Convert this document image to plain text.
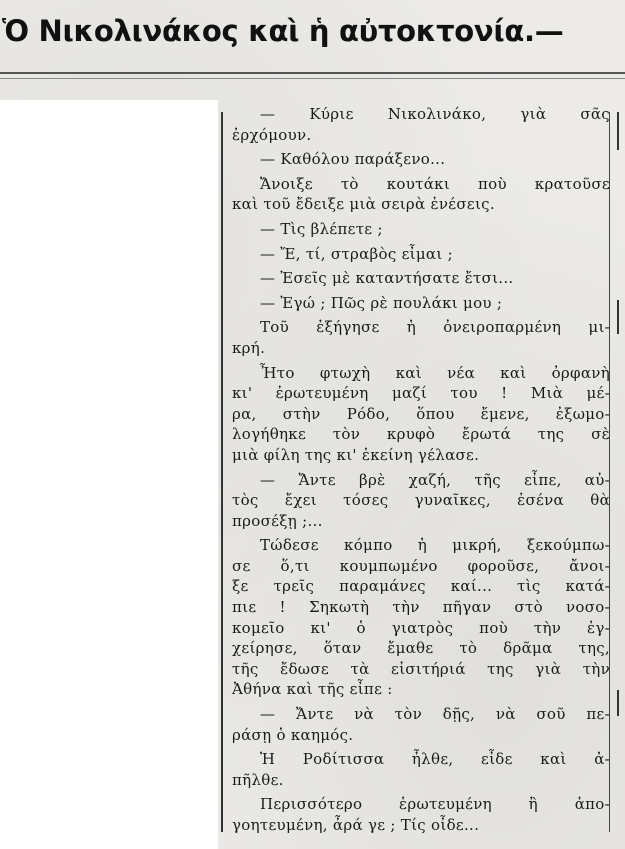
Ὁ Νικολινάκος καὶ ἡ αὐτοκτονία.—
— Κύριε Νικολινάκο, γιὰ σᾶς
ἐρχόμουν.
— Καθόλου παράξενο...
Ἄνοιξε τὸ κουτάκι ποὺ κρατοῦσε
καὶ τοῦ ἔδειξε μιὰ σειρὰ ἐνέσεις.
— Τὶς βλέπετε ;
— Ἔ, τί, στραβὸς εἶμαι ;
— Ἐσεῖς μὲ καταντήσατε ἔτσι...
— Ἐγώ ; Πῶς ρὲ πουλάκι μου ;
Τοῦ ἐξήγησε ἡ ὀνειροπαρμένη μι-
κρή.
Ἦτο φτωχὴ καὶ νέα καὶ ὀρφανὴ
κι' ἐρωτευμένη μαζί του ! Μιὰ μέ-
ρα, στὴν Ρόδο, ὅπου ἔμενε, ἐξωμο-
λογήθηκε τὸν κρυφὸ ἔρωτά της σὲ
μιὰ φίλη της κι' ἐκείνη γέλασε.
— Ἄντε βρὲ χαζή, τῆς εἶπε, αὐ-
τὸς ἔχει τόσες γυναῖκες, ἐσένα θὰ
προσέξῃ ;...
Τώδεσε κόμπο ἡ μικρή, ξεκούμπω-
σε ὅ,τι κουμπωμένο φοροῦσε, ἄνοι-
ξε τρεῖς παραμάνες καί... τὶς κατά-
πιε ! Σηκωτὴ τὴν πῆγαν στὸ νοσο-
κομεῖο κι' ὁ γιατρὸς ποὺ τὴν ἐγ-
χείρησε, ὅταν ἔμαθε τὸ δρᾶμα της,
τῆς ἔδωσε τὰ εἰσιτήριά της γιὰ τὴν
Ἀθήνα καὶ τῆς εἶπε :
— Ἄντε νὰ τὸν δῇς, νὰ σοῦ πε-
ράσῃ ὁ καημός.
Ἡ Ροδίτισσα ἦλθε, εἶδε καὶ ἀ-
πῆλθε.
Περισσότερο ἐρωτευμένη ἢ ἀπο-
γοητευμένη, ἆρά γε ; Τίς οἶδε...
